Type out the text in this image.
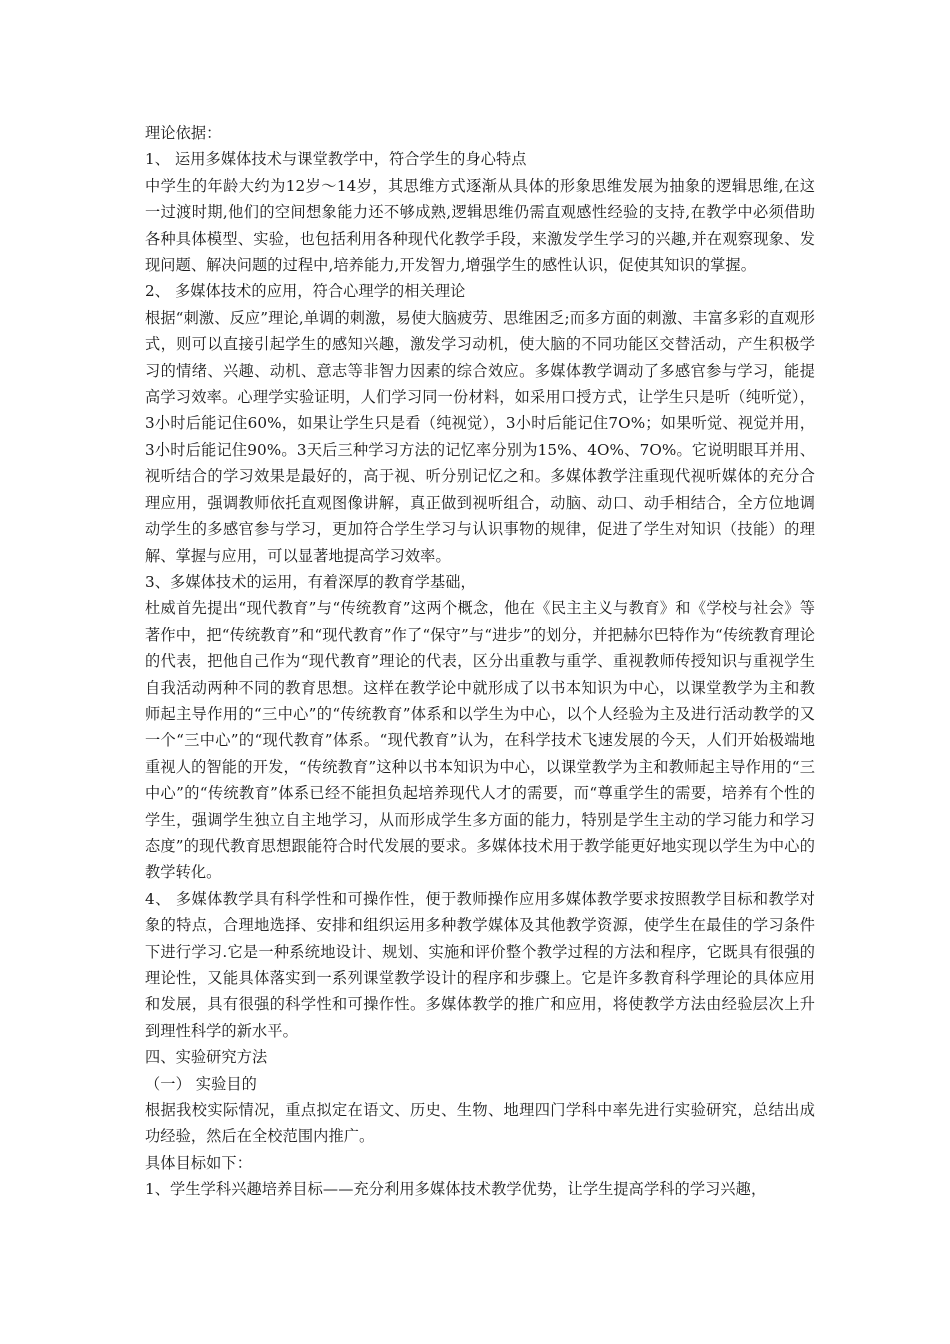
理论依据：

1、 运用多媒体技术与课堂教学中，符合学生的身心特点

中学生的年龄大约为12岁～14岁，其思维方式逐渐从具体的形象思维发展为抽象的逻辑思维,在这一过渡时期,他们的空间想象能力还不够成熟,逻辑思维仍需直观感性经验的支持,在教学中必须借助各种具体模型、实验，也包括利用各种现代化教学手段，来激发学生学习的兴趣,并在观察现象、发现问题、解决问题的过程中,培养能力,开发智力,增强学生的感性认识，促使其知识的掌握。

2、 多媒体技术的应用，符合心理学的相关理论

根据“刺激、反应”理论,单调的刺激，易使大脑疲劳、思维困乏;而多方面的刺激、丰富多彩的直观形式，则可以直接引起学生的感知兴趣，激发学习动机，使大脑的不同功能区交替活动，产生积极学习的情绪、兴趣、动机、意志等非智力因素的综合效应。多媒体教学调动了多感官参与学习，能提高学习效率。心理学实验证明，人们学习同一份材料，如采用口授方式，让学生只是听（纯听觉），3小时后能记住60%，如果让学生只是看（纯视觉），3小时后能记住7O%；如果听觉、视觉并用，3小时后能记住90%。3天后三种学习方法的记忆率分别为15%、4O%、7O%。它说明眼耳并用、视听结合的学习效果是最好的，高于视、听分别记忆之和。多媒体教学注重现代视听媒体的充分合理应用，强调教师依托直观图像讲解，真正做到视听组合，动脑、动口、动手相结合，全方位地调动学生的多感官参与学习，更加符合学生学习与认识事物的规律，促进了学生对知识（技能）的理解、掌握与应用，可以显著地提高学习效率。

3、多媒体技术的运用，有着深厚的教育学基础，

杜威首先提出“现代教育”与“传统教育”这两个概念，他在《民主主义与教育》和《学校与社会》等著作中，把“传统教育”和“现代教育”作了“保守”与“进步”的划分，并把赫尔巴特作为“传统教育理论的代表，把他自己作为“现代教育”理论的代表，区分出重教与重学、重视教师传授知识与重视学生自我活动两种不同的教育思想。这样在教学论中就形成了以书本知识为中心，以课堂教学为主和教师起主导作用的“三中心”的“传统教育”体系和以学生为中心，以个人经验为主及进行活动教学的又一个“三中心”的“现代教育”体系。“现代教育”认为，在科学技术飞速发展的今天，人们开始极端地重视人的智能的开发，“传统教育”这种以书本知识为中心，以课堂教学为主和教师起主导作用的“三中心”的“传统教育”体系已经不能担负起培养现代人才的需要，而“尊重学生的需要，培养有个性的学生，强调学生独立自主地学习，从而形成学生多方面的能力，特别是学生主动的学习能力和学习态度”的现代教育思想跟能符合时代发展的要求。多媒体技术用于教学能更好地实现以学生为中心的教学转化。

4、 多媒体教学具有科学性和可操作性，便于教师操作应用多媒体教学要求按照教学目标和教学对象的特点，合理地选择、安排和组织运用多种教学媒体及其他教学资源，使学生在最佳的学习条件下进行学习.它是一种系统地设计、规划、实施和评价整个教学过程的方法和程序，它既具有很强的理论性，又能具体落实到一系列课堂教学设计的程序和步骤上。它是许多教育科学理论的具体应用和发展，具有很强的科学性和可操作性。多媒体教学的推广和应用，将使教学方法由经验层次上升到理性科学的新水平。

四、实验研究方法

（一） 实验目的

根据我校实际情况，重点拟定在语文、历史、生物、地理四门学科中率先进行实验研究，总结出成功经验，然后在全校范围内推广。

具体目标如下：

1、学生学科兴趣培养目标——充分利用多媒体技术教学优势，让学生提高学科的学习兴趣，
